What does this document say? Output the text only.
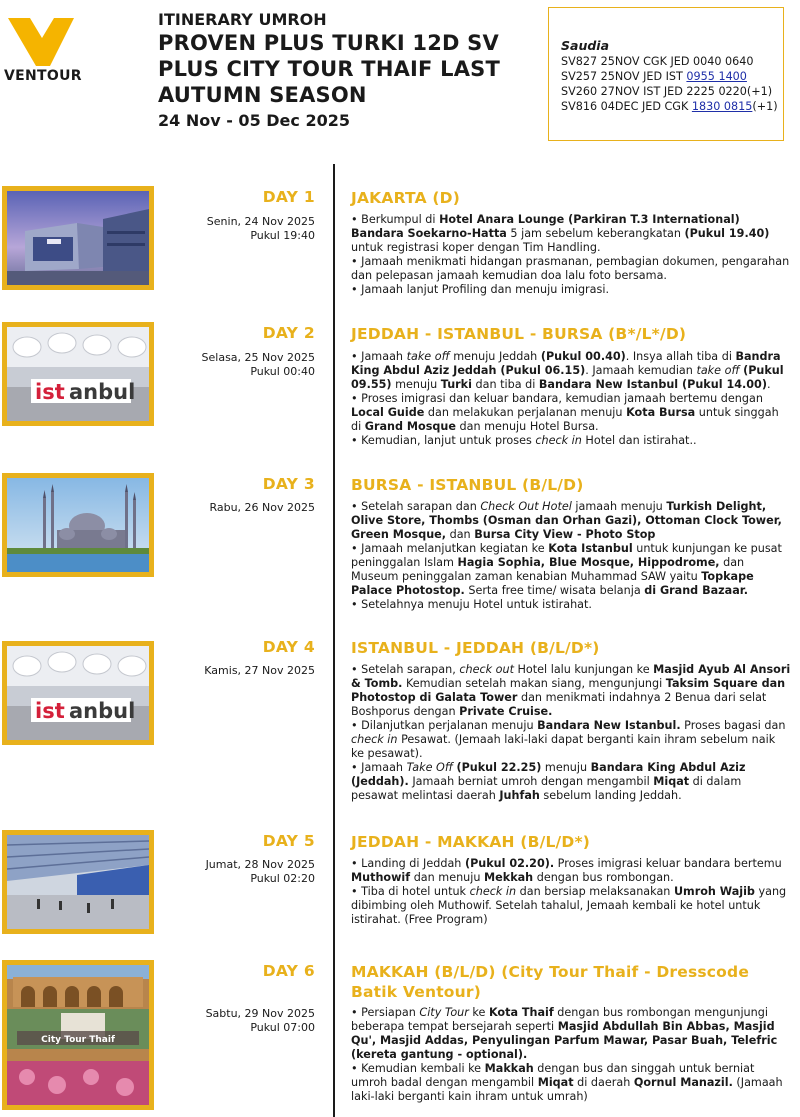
VENTOUR
ITINERARY UMROH
PROVEN PLUS TURKI 12D SV
PLUS CITY TOUR THAIF LAST
AUTUMN SEASON
24 Nov - 05 Dec 2025
Saudia
SV827 25NOV CGK JED 0040 0640
SV257 25NOV JED IST 0955 1400
SV260 27NOV IST JED 2225 0220(+1)
SV816 04DEC JED CGK 1830 0815(+1)
DAY 1
Senin, 24 Nov 2025
Pukul 19:40
JAKARTA (D)

• Berkumpul di Hotel Anara Lounge (Parkiran T.3 International) Bandara Soekarno-Hatta 5 jam sebelum keberangkatan (Pukul 19.40) untuk registrasi koper dengan Tim Handling.

• Jamaah menikmati hidangan prasmanan, pembagian dokumen, pengarahan dan pelepasan jamaah kemudian doa lalu foto bersama.

• Jamaah lanjut Profiling dan menuju imigrasi.

ist anbul
DAY 2
Selasa, 25 Nov 2025
Pukul 00:40
JEDDAH - ISTANBUL - BURSA (B*/L*/D)

• Jamaah take off menuju Jeddah (Pukul 00.40). Insya allah tiba di Bandra King Abdul Aziz Jeddah (Pukul 06.15). Jamaah kemudian take off (Pukul 09.55) menuju Turki dan tiba di Bandara New Istanbul (Pukul 14.00).

• Proses imigrasi dan keluar bandara, kemudian jamaah bertemu dengan Local Guide dan melakukan perjalanan menuju Kota Bursa untuk singgah di Grand Mosque dan menuju Hotel Bursa.

• Kemudian, lanjut untuk proses check in Hotel dan istirahat..

DAY 3
Rabu, 26 Nov 2025
BURSA - ISTANBUL (B/L/D)

• Setelah sarapan dan Check Out Hotel jamaah menuju Turkish Delight, Olive Store, Thombs (Osman dan Orhan Gazi), Ottoman Clock Tower, Green Mosque, dan Bursa City View - Photo Stop

• Jamaah melanjutkan kegiatan ke Kota Istanbul untuk kunjungan ke pusat peninggalan Islam Hagia Sophia, Blue Mosque, Hippodrome, dan Museum peninggalan zaman kenabian Muhammad SAW yaitu Topkape Palace Photostop. Serta free time/ wisata belanja di Grand Bazaar.

• Setelahnya menuju Hotel untuk istirahat.

ist anbul
DAY 4
Kamis, 27 Nov 2025
ISTANBUL - JEDDAH (B/L/D*)

• Setelah sarapan, check out Hotel lalu kunjungan ke Masjid Ayub Al Ansori & Tomb. Kemudian setelah makan siang, mengunjungi Taksim Square dan Photostop di Galata Tower dan menikmati indahnya 2 Benua dari selat Boshporus dengan Private Cruise.

• Dilanjutkan perjalanan menuju Bandara New Istanbul. Proses bagasi dan check in Pesawat. (Jemaah laki-laki dapat berganti kain ihram sebelum naik ke pesawat).

• Jamaah Take Off (Pukul 22.25) menuju Bandara King Abdul Aziz (Jeddah). Jamaah berniat umroh dengan mengambil Miqat di dalam pesawat melintasi daerah Juhfah sebelum landing Jeddah.

DAY 5
Jumat, 28 Nov 2025
Pukul 02:20
JEDDAH - MAKKAH (B/L/D*)

• Landing di Jeddah (Pukul 02.20). Proses imigrasi keluar bandara bertemu Muthowif dan menuju Mekkah dengan bus rombongan.

• Tiba di hotel untuk check in dan bersiap melaksanakan Umroh Wajib yang dibimbing oleh Muthowif. Setelah tahalul, Jemaah kembali ke hotel untuk istirahat. (Free Program)

City Tour Thaif
DAY 6
Sabtu, 29 Nov 2025
Pukul 07:00
MAKKAH (B/L/D) (City Tour Thaif - Dresscode Batik Ventour)

• Persiapan City Tour ke Kota Thaif dengan bus rombongan mengunjungi beberapa tempat bersejarah seperti Masjid Abdullah Bin Abbas, Masjid Qu', Masjid Addas, Penyulingan Parfum Mawar, Pasar Buah, Telefric (kereta gantung - optional).

• Kemudian kembali ke Makkah dengan bus dan singgah untuk berniat umroh badal dengan mengambil Miqat di daerah Qornul Manazil. (Jamaah laki-laki berganti kain ihram untuk umrah)
